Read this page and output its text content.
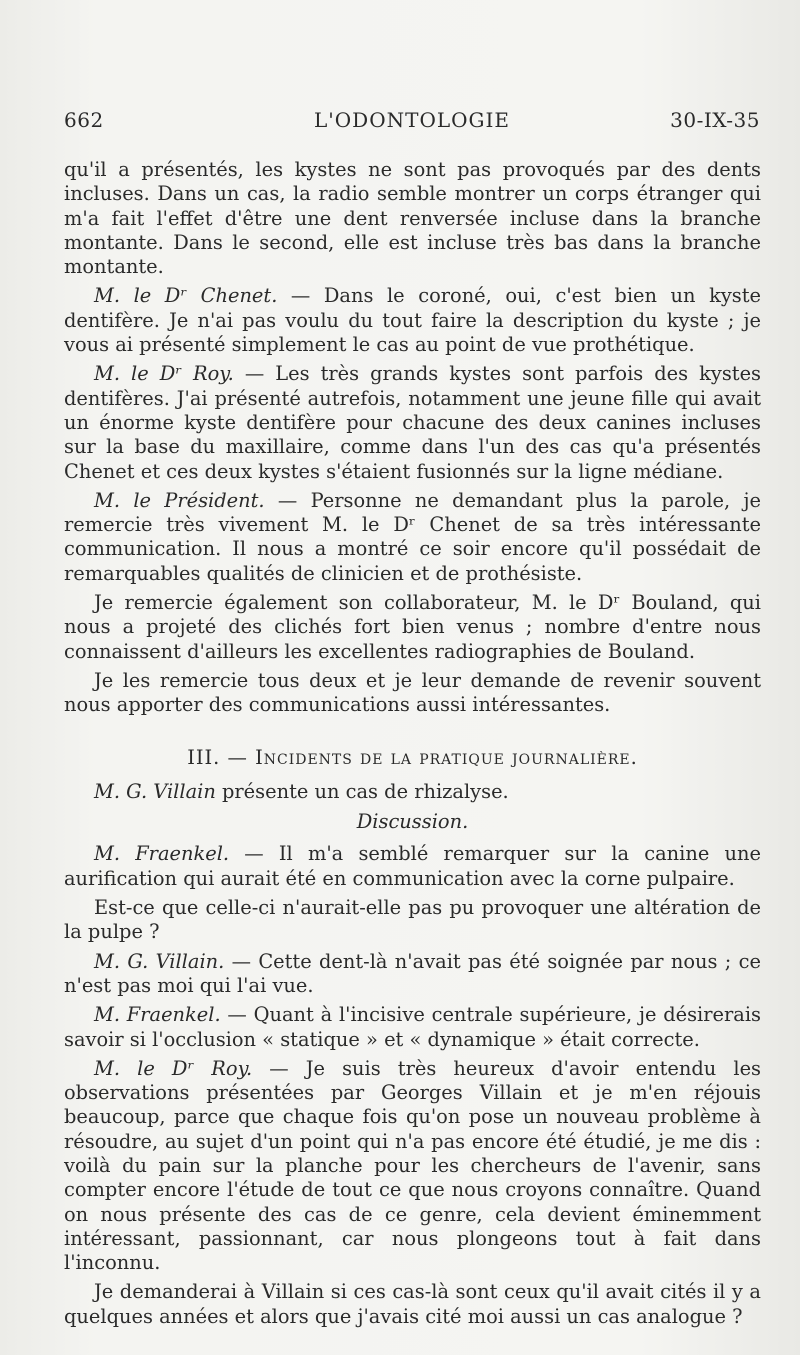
662	L'ODONTOLOGIE	30-IX-35

qu'il a présentés, les kystes ne sont pas provoqués par des dents incluses. Dans un cas, la radio semble montrer un corps étranger qui m'a fait l'effet d'être une dent renversée incluse dans la branche montante. Dans le second, elle est incluse très bas dans la branche montante.

M. le Dʳ Chenet. — Dans le coroné, oui, c'est bien un kyste dentifère. Je n'ai pas voulu du tout faire la description du kyste ; je vous ai présenté simplement le cas au point de vue prothétique.

M. le Dʳ Roy. — Les très grands kystes sont parfois des kystes dentifères. J'ai présenté autrefois, notamment une jeune fille qui avait un énorme kyste dentifère pour chacune des deux canines incluses sur la base du maxillaire, comme dans l'un des cas qu'a présentés Chenet et ces deux kystes s'étaient fusionnés sur la ligne médiane.

M. le Président. — Personne ne demandant plus la parole, je remercie très vivement M. le Dʳ Chenet de sa très intéressante communication. Il nous a montré ce soir encore qu'il possédait de remarquables qualités de clinicien et de prothésiste.

Je remercie également son collaborateur, M. le Dʳ Bouland, qui nous a projeté des clichés fort bien venus ; nombre d'entre nous connaissent d'ailleurs les excellentes radiographies de Bouland.

Je les remercie tous deux et je leur demande de revenir souvent nous apporter des communications aussi intéressantes.

III. — Incidents de la pratique journalière.

M. G. Villain présente un cas de rhizalyse.

Discussion.

M. Fraenkel. — Il m'a semblé remarquer sur la canine une aurification qui aurait été en communication avec la corne pulpaire.

Est-ce que celle-ci n'aurait-elle pas pu provoquer une altération de la pulpe ?

M. G. Villain. — Cette dent-là n'avait pas été soignée par nous ; ce n'est pas moi qui l'ai vue.

M. Fraenkel. — Quant à l'incisive centrale supérieure, je désirerais savoir si l'occlusion « statique » et « dynamique » était correcte.

M. le Dʳ Roy. — Je suis très heureux d'avoir entendu les observations présentées par Georges Villain et je m'en réjouis beaucoup, parce que chaque fois qu'on pose un nouveau problème à résoudre, au sujet d'un point qui n'a pas encore été étudié, je me dis : voilà du pain sur la planche pour les chercheurs de l'avenir, sans compter encore l'étude de tout ce que nous croyons connaître. Quand on nous présente des cas de ce genre, cela devient éminemment intéressant, passionnant, car nous plongeons tout à fait dans l'inconnu.

Je demanderai à Villain si ces cas-là sont ceux qu'il avait cités il y a quelques années et alors que j'avais cité moi aussi un cas analogue ?
